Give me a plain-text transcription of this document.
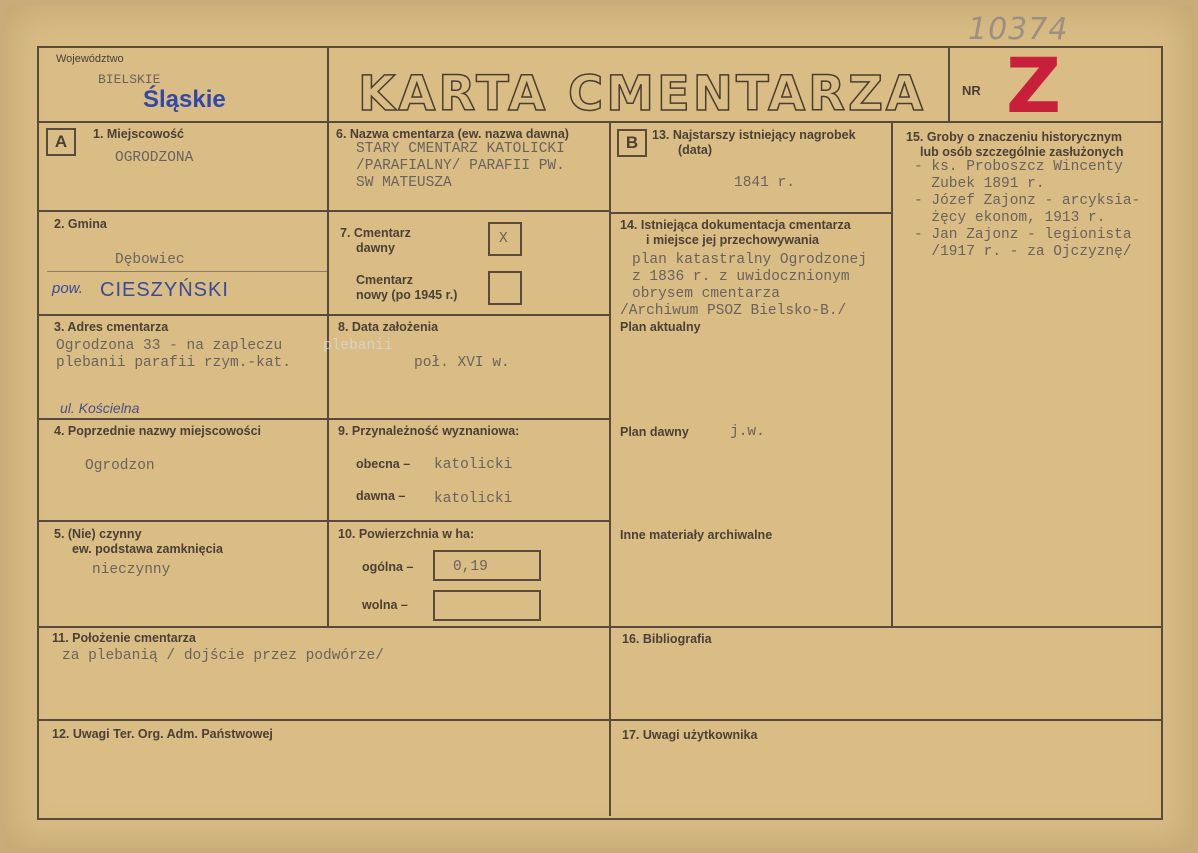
10374
Województwo
BIELSKIE
Śląskie	KARTA CMENTARZA	NR Z
A	1. Miejscowość
OGRODZONA
2. Gmina
Dębowiec
pow. CIESZYŃSKI
3. Adres cmentarza
Ogrodzona 33 - na zapleczu	plebanii
plebanii parafii rzym.-kat.
ul. Kościelna
4. Poprzednie nazwy miejscowości
Ogrodzon
5. (Nie) czynny
ew. podstawa zamknięcia
nieczynny
6. Nazwa cmentarza (ew. nazwa dawna)
STARY CMENTARZ KATOLICKI
/PARAFIALNY/ PARAFII PW.
SW MATEUSZA
7. Cmentarz
dawny
X
Cmentarz
nowy (po 1945 r.)
8. Data założenia
poł. XVI w.
9. Przynależność wyznaniowa:
obecna – katolicki
dawna – katolicki
10. Powierzchnia w ha:
ogólna –	0,19
wolna –
B	13. Najstarszy istniejący nagrobek
(data)
1841 r.
14. Istniejąca dokumentacja cmentarza
i miejsce jej przechowywania
plan katastralny Ogrodzonej
z 1836 r. z uwidocznionym
obrysem cmentarza
/Archiwum PSOZ Bielsko-B./
Plan aktualny
Plan dawny	j.w.
Inne materiały archiwalne
15. Groby o znaczeniu historycznym
lub osób szczególnie zasłużonych
- ks. Proboszcz Wincenty
Zubek 1891 r.
- Józef Zajonz - arcyksia-
żęcy ekonom, 1913 r.
- Jan Zajonz - legionista
/1917 r. - za Ojczyznę/
11. Położenie cmentarza
za plebanią / dojście przez podwórze/
12. Uwagi Ter. Org. Adm. Państwowej
16. Bibliografia
17. Uwagi użytkownika
